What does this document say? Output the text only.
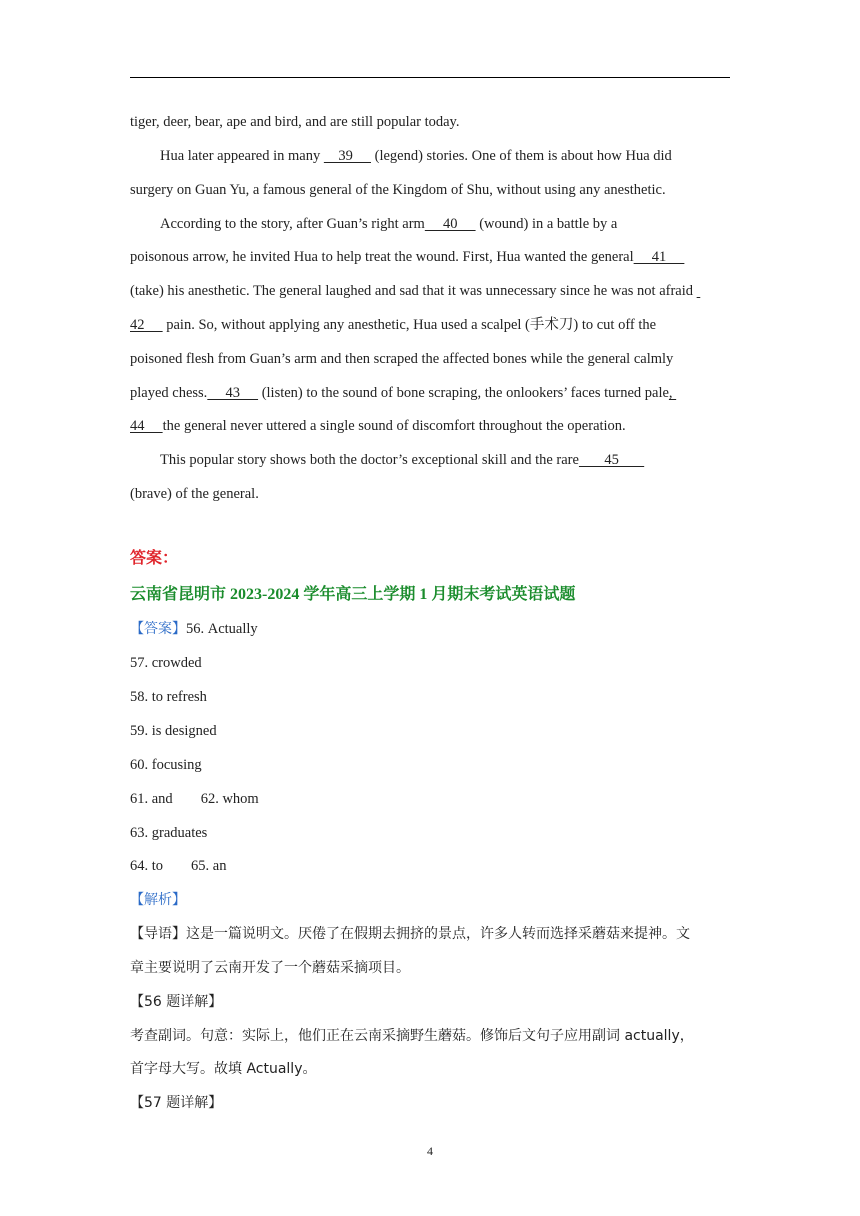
tiger, deer, bear, ape and bird, and are still popular today.
Hua later appeared in many     39      (legend) stories. One of them is about how Hua did
surgery on Guan Yu, a famous general of the Kingdom of Shu, without using any anesthetic.
According to the story, after Guan’s right arm     40      (wound) in a battle by a
poisonous arrow, he invited Hua to help treat the wound. First, Hua wanted the general     41
(take) his anesthetic. The general laughed and sad that it was unnecessary since he was not afraid
42      pain. So, without applying any anesthetic, Hua used a scalpel (手术刀) to cut off the
poisoned flesh from Guan’s arm and then scraped the affected bones while the general calmly
played chess.     43      (listen) to the sound of bone scraping, the onlookers’ faces turned pale,
44     the general never uttered a single sound of discomfort throughout the operation.
This popular story shows both the doctor’s exceptional skill and the rare       45
(brave) of the general.
答案：
云南省昆明市 2023-2024 学年高三上学期 1 月期末考试英语试题
【答案】56. Actually
57. crowded
58. to refresh
59. is designed
60. focusing
61. and 62. whom
63. graduates
64. to 65. an
【解析】
【导语】这是一篇说明文。厌倦了在假期去拥挤的景点，许多人转而选择采蘑菇来提神。文
章主要说明了云南开发了一个蘑菇采摘项目。
【56 题详解】
考查副词。句意：实际上，他们正在云南采摘野生蘑菇。修饰后文句子应用副词 actually，
首字母大写。故填 Actually。
【57 题详解】
4
